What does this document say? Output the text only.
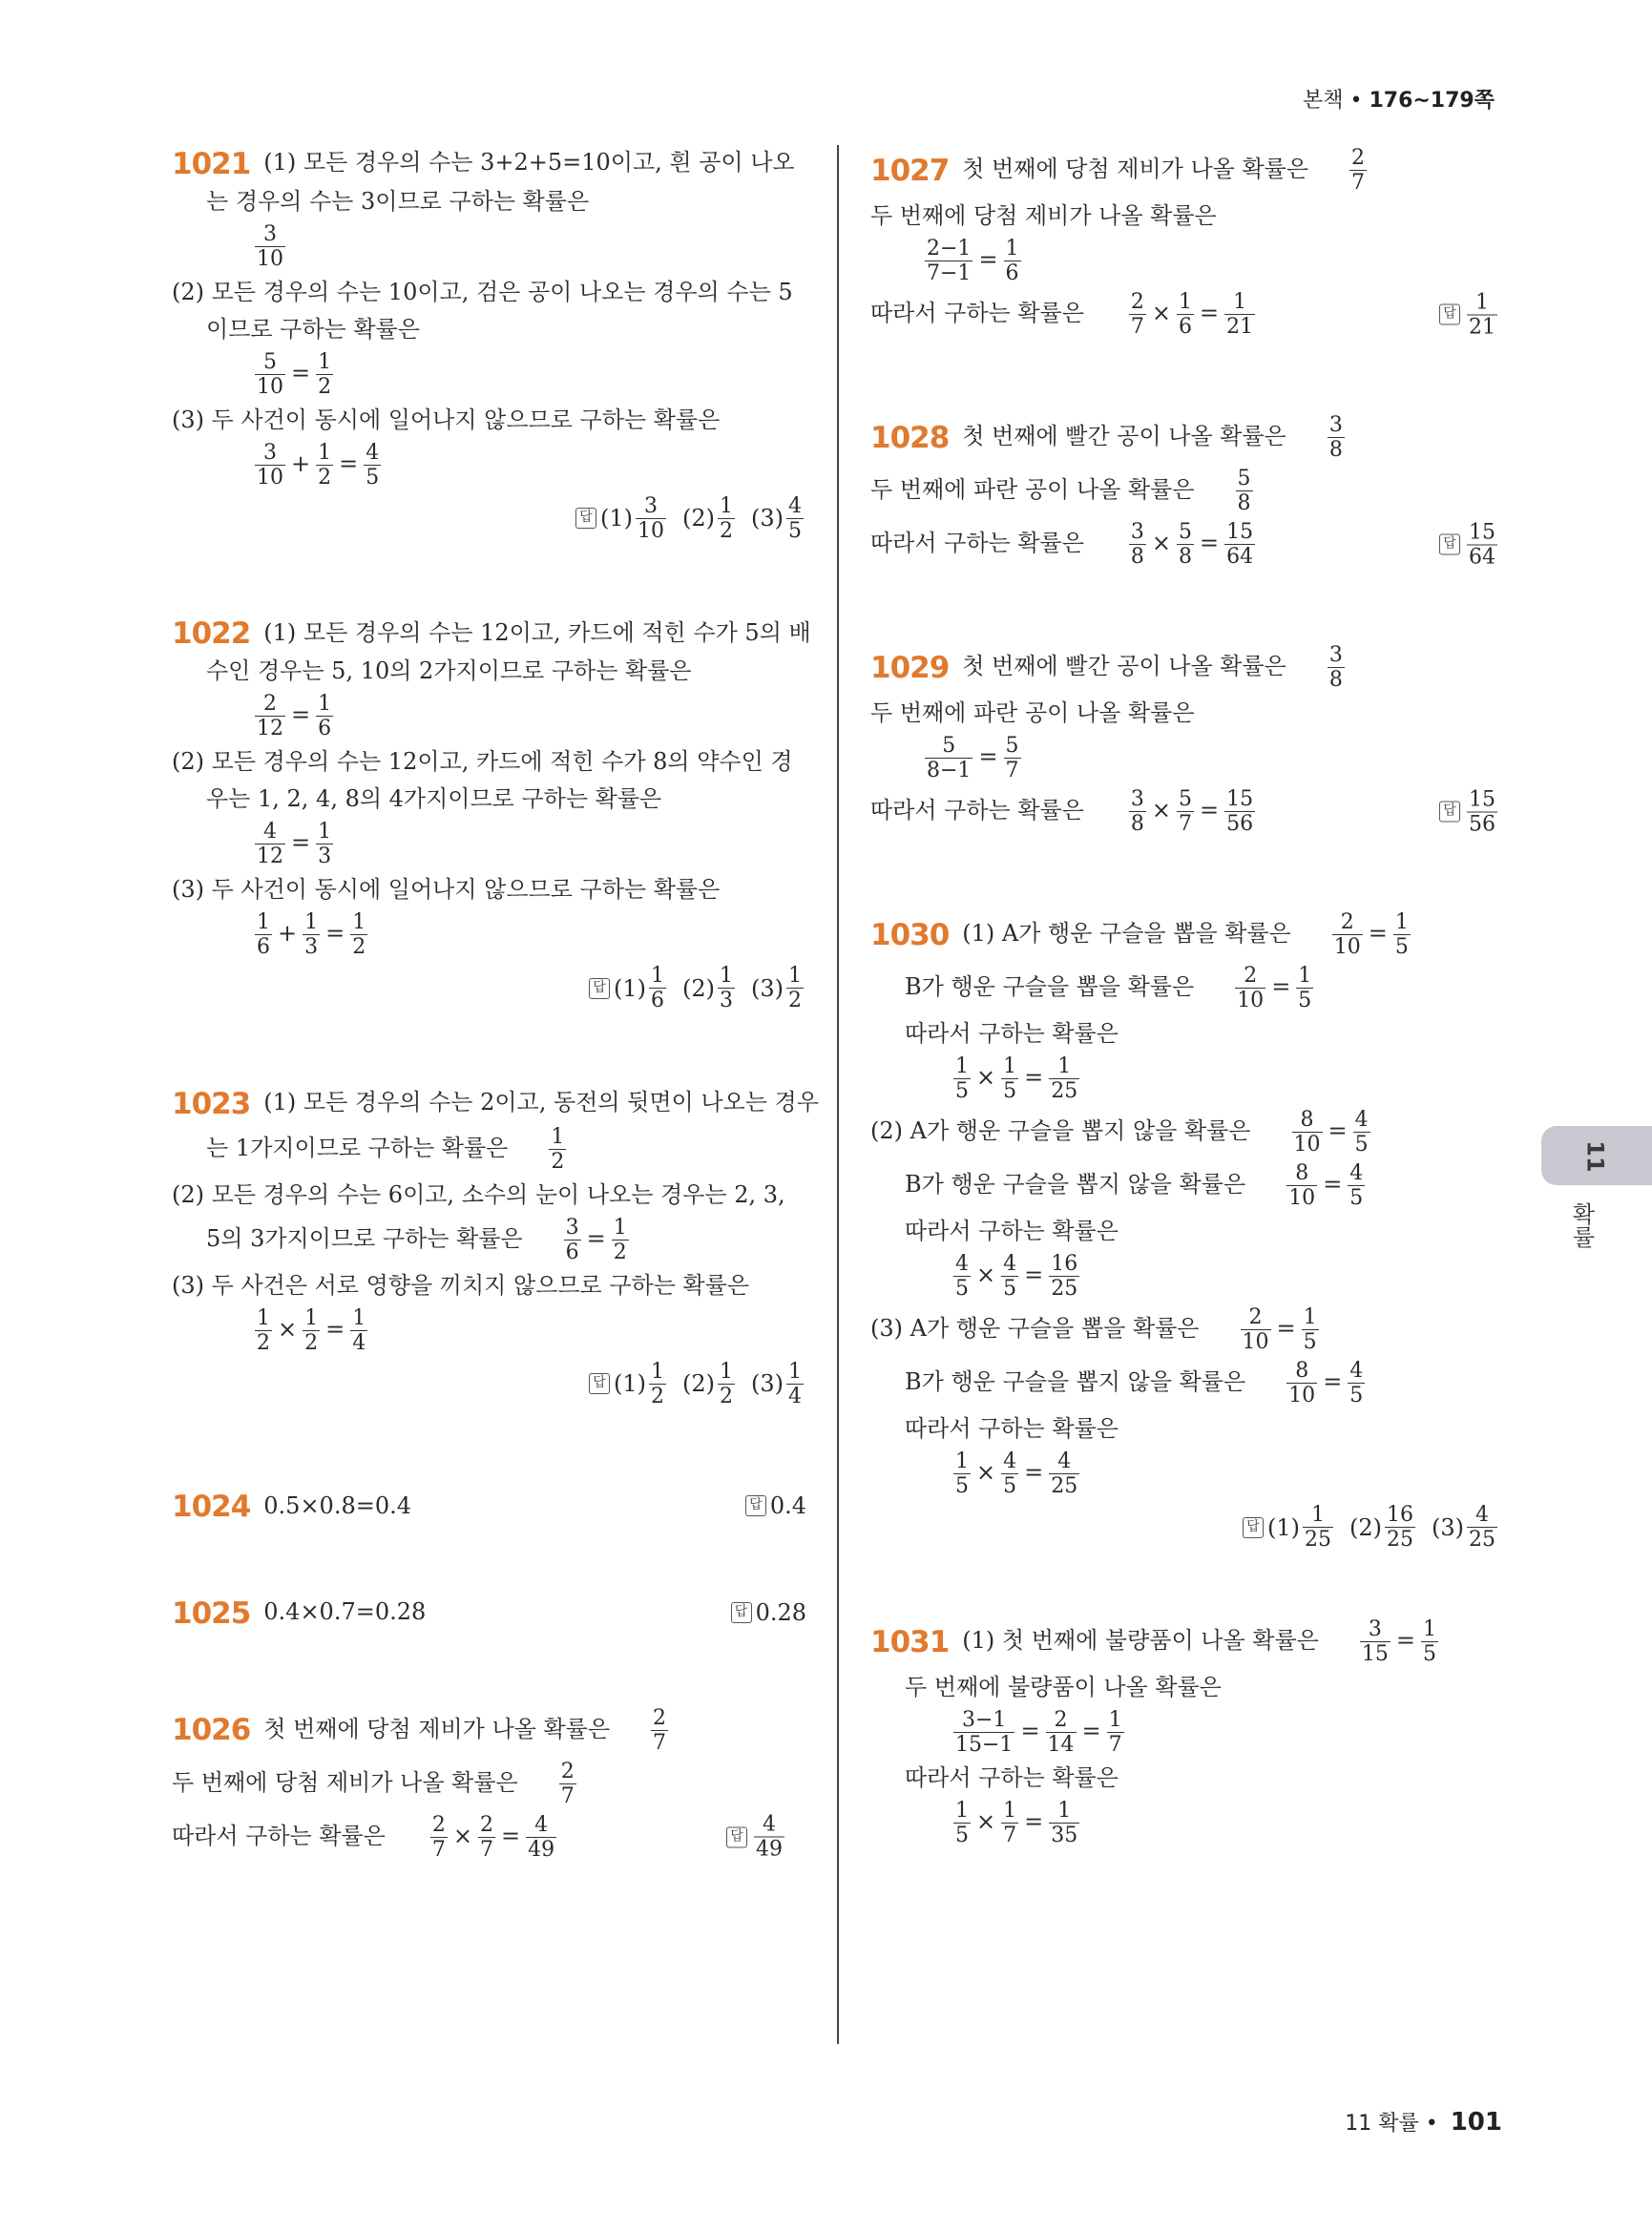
본책 • 176~179쪽
1021 (1) 모든 경우의 수는 3+2+5=10이고, 흰 공이 나오
는 경우의 수는 3이므로 구하는 확률은
$\frac{3}{10}$
(2) 모든 경우의 수는 10이고, 검은 공이 나오는 경우의 수는 5
이므로 구하는 확률은
$\frac{5}{10} = \frac{1}{2}$
(3) 두 사건이 동시에 일어나지 않으므로 구하는 확률은
$\frac{3}{10} + \frac{1}{2} = \frac{4}{5}$
답 $(1) \frac{3}{10} (2) \frac{1}{2} (3) \frac{4}{5}$
1022 (1) 모든 경우의 수는 12이고, 카드에 적힌 수가 5의 배
수인 경우는 5, 10의 2가지이므로 구하는 확률은
$\frac{2}{12} = \frac{1}{6}$
(2) 모든 경우의 수는 12이고, 카드에 적힌 수가 8의 약수인 경
우는 1, 2, 4, 8의 4가지이므로 구하는 확률은
$\frac{4}{12} = \frac{1}{3}$
(3) 두 사건이 동시에 일어나지 않으므로 구하는 확률은
$\frac{1}{6} + \frac{1}{3} = \frac{1}{2}$
답 $(1) \frac{1}{6} (2) \frac{1}{3} (3) \frac{1}{2}$
1023 (1) 모든 경우의 수는 2이고, 동전의 뒷면이 나오는 경우
는 1가지이므로 구하는 확률은 $\frac{1}{2}$
(2) 모든 경우의 수는 6이고, 소수의 눈이 나오는 경우는 2, 3,
5의 3가지이므로 구하는 확률은 $\frac{3}{6} = \frac{1}{2}$
(3) 두 사건은 서로 영향을 끼치지 않으므로 구하는 확률은
$\frac{1}{2} \times \frac{1}{2} = \frac{1}{4}$
답 $(1) \frac{1}{2} (2) \frac{1}{2} (3) \frac{1}{4}$
1024 0.5×0.8=0.4	답 0.4
1025 0.4×0.7=0.28	답 0.28
1026 첫 번째에 당첨 제비가 나올 확률은 $\frac{2}{7}$
두 번째에 당첨 제비가 나올 확률은 $\frac{2}{7}$
따라서 구하는 확률은 $\frac{2}{7} \times \frac{2}{7} = \frac{4}{49}$	답 $\frac{4}{49}$
1027 첫 번째에 당첨 제비가 나올 확률은 $\frac{2}{7}$
두 번째에 당첨 제비가 나올 확률은
$\frac{2-1}{7-1} = \frac{1}{6}$
따라서 구하는 확률은 $\frac{2}{7} \times \frac{1}{6} = \frac{1}{21}$	답 $\frac{1}{21}$
1028 첫 번째에 빨간 공이 나올 확률은 $\frac{3}{8}$
두 번째에 파란 공이 나올 확률은 $\frac{5}{8}$
따라서 구하는 확률은 $\frac{3}{8} \times \frac{5}{8} = \frac{15}{64}$	답 $\frac{15}{64}$
1029 첫 번째에 빨간 공이 나올 확률은 $\frac{3}{8}$
두 번째에 파란 공이 나올 확률은
$\frac{5}{8-1} = \frac{5}{7}$
따라서 구하는 확률은 $\frac{3}{8} \times \frac{5}{7} = \frac{15}{56}$	답 $\frac{15}{56}$
1030 (1) A가 행운 구슬을 뽑을 확률은 $\frac{2}{10} = \frac{1}{5}$
B가 행운 구슬을 뽑을 확률은 $\frac{2}{10} = \frac{1}{5}$
따라서 구하는 확률은
$\frac{1}{5} \times \frac{1}{5} = \frac{1}{25}$
(2) A가 행운 구슬을 뽑지 않을 확률은 $\frac{8}{10} = \frac{4}{5}$
B가 행운 구슬을 뽑지 않을 확률은 $\frac{8}{10} = \frac{4}{5}$
따라서 구하는 확률은
$\frac{4}{5} \times \frac{4}{5} = \frac{16}{25}$
(3) A가 행운 구슬을 뽑을 확률은 $\frac{2}{10} = \frac{1}{5}$
B가 행운 구슬을 뽑지 않을 확률은 $\frac{8}{10} = \frac{4}{5}$
따라서 구하는 확률은
$\frac{1}{5} \times \frac{4}{5} = \frac{4}{25}$
답 $(1) \frac{1}{25} (2) \frac{16}{25} (3) \frac{4}{25}$
1031 (1) 첫 번째에 불량품이 나올 확률은 $\frac{3}{15} = \frac{1}{5}$
두 번째에 불량품이 나올 확률은
$\frac{3-1}{15-1} = \frac{2}{14} = \frac{1}{7}$
따라서 구하는 확률은
$\frac{1}{5} \times \frac{1}{7} = \frac{1}{35}$
11
확률
11 확률 • 101
